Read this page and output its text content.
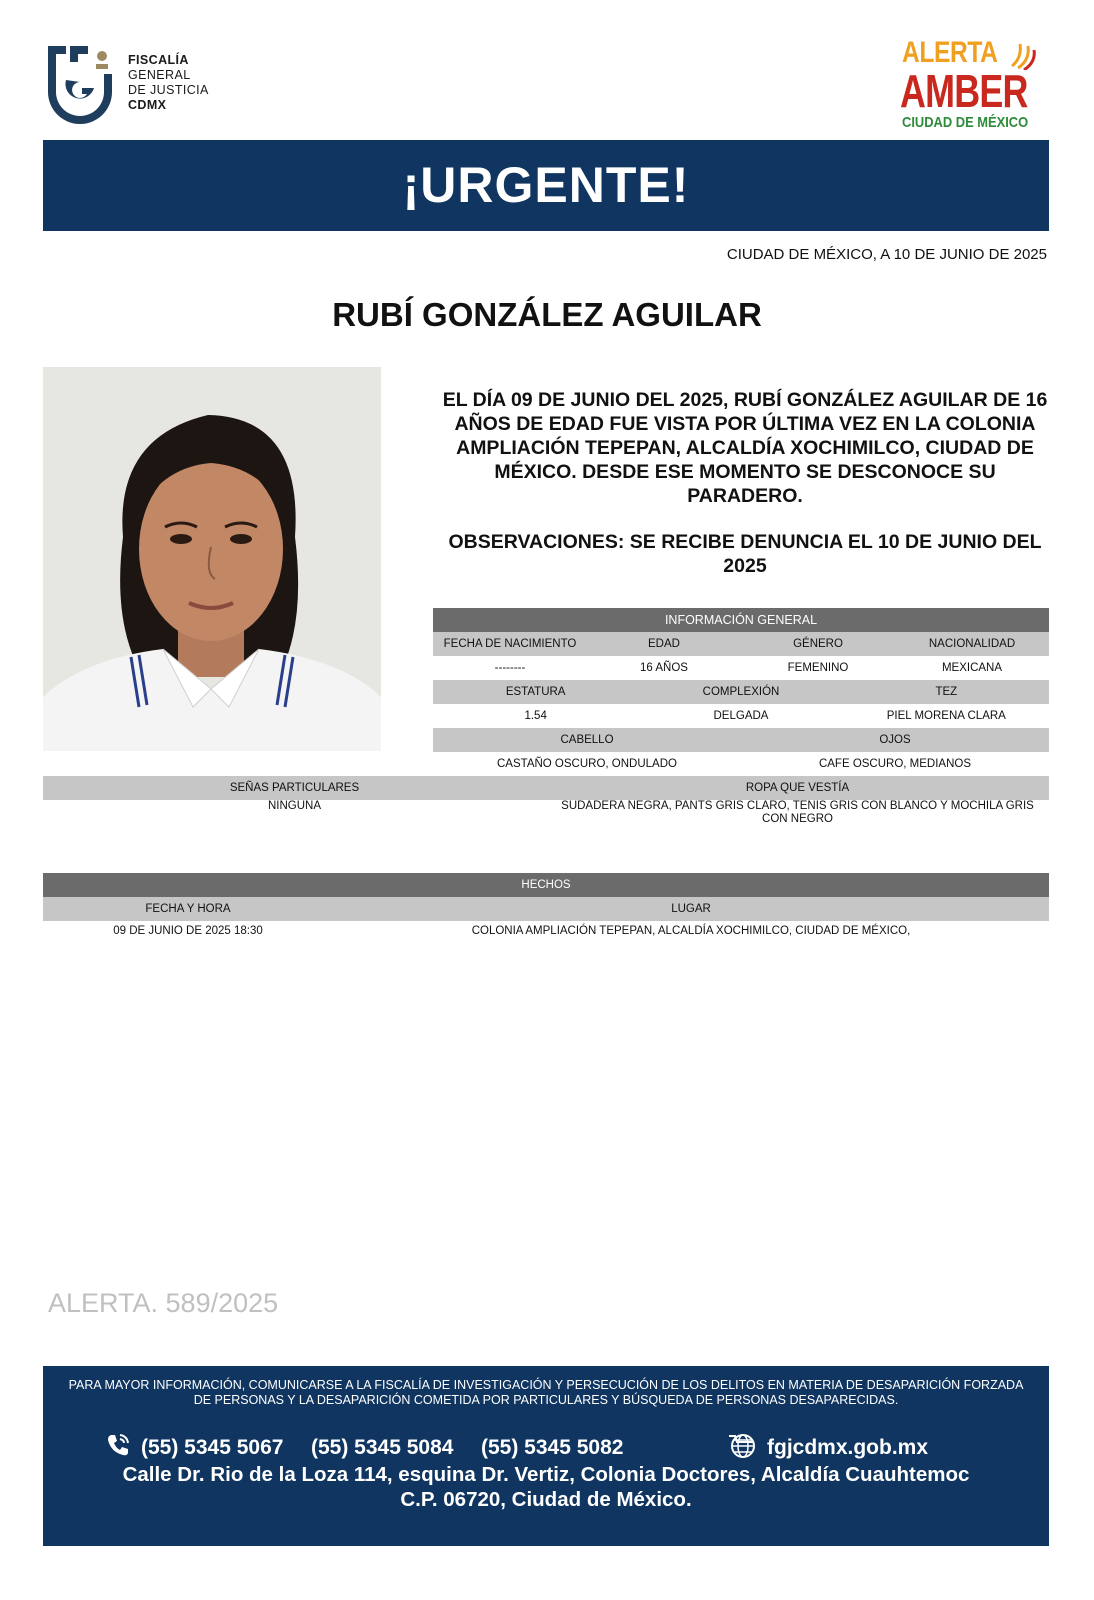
FISCALÍA
GENERAL
DE JUSTICIA
CDMX
ALERTA
AMBER
CIUDAD DE MÉXICO
¡URGENTE!
CIUDAD DE MÉXICO, A 10 DE JUNIO DE 2025
RUBÍ GONZÁLEZ AGUILAR
EL DÍA 09 DE JUNIO DEL 2025, RUBÍ GONZÁLEZ AGUILAR DE 16 AÑOS DE EDAD FUE VISTA POR ÚLTIMA VEZ EN LA COLONIA AMPLIACIÓN TEPEPAN, ALCALDÍA XOCHIMILCO, CIUDAD DE MÉXICO. DESDE ESE MOMENTO SE DESCONOCE SU PARADERO.
OBSERVACIONES: SE RECIBE DENUNCIA EL 10 DE JUNIO DEL 2025
INFORMACIÓN GENERAL
FECHA DE NACIMIENTO	EDAD	GÉNERO	NACIONALIDAD
--------	16 AÑOS	FEMENINO	MEXICANA
ESTATURA	COMPLEXIÓN	TEZ
1.54	DELGADA	PIEL MORENA CLARA
CABELLO	OJOS
CASTAÑO OSCURO, ONDULADO	CAFE OSCURO, MEDIANOS
SEÑAS PARTICULARES	ROPA QUE VESTÍA
NINGUNA	SUDADERA NEGRA, PANTS GRIS CLARO, TENIS GRIS CON BLANCO Y MOCHILA GRIS CON NEGRO
HECHOS
FECHA Y HORA	LUGAR
09 DE JUNIO DE 2025 18:30	COLONIA AMPLIACIÓN TEPEPAN, ALCALDÍA XOCHIMILCO, CIUDAD DE MÉXICO,
ALERTA. 589/2025
PARA MAYOR INFORMACIÓN, COMUNICARSE A LA FISCALÍA DE INVESTIGACIÓN Y PERSECUCIÓN DE LOS DELITOS EN MATERIA DE DESAPARICIÓN FORZADA DE PERSONAS Y LA DESAPARICIÓN COMETIDA POR PARTICULARES Y BÚSQUEDA DE PERSONAS DESAPARECIDAS.
(55) 5345 5067 (55) 5345 5084 (55) 5345 5082	fgjcdmx.gob.mx
Calle Dr. Rio de la Loza 114, esquina Dr. Vertiz, Colonia Doctores, Alcaldía Cuauhtemoc
C.P. 06720, Ciudad de México.
